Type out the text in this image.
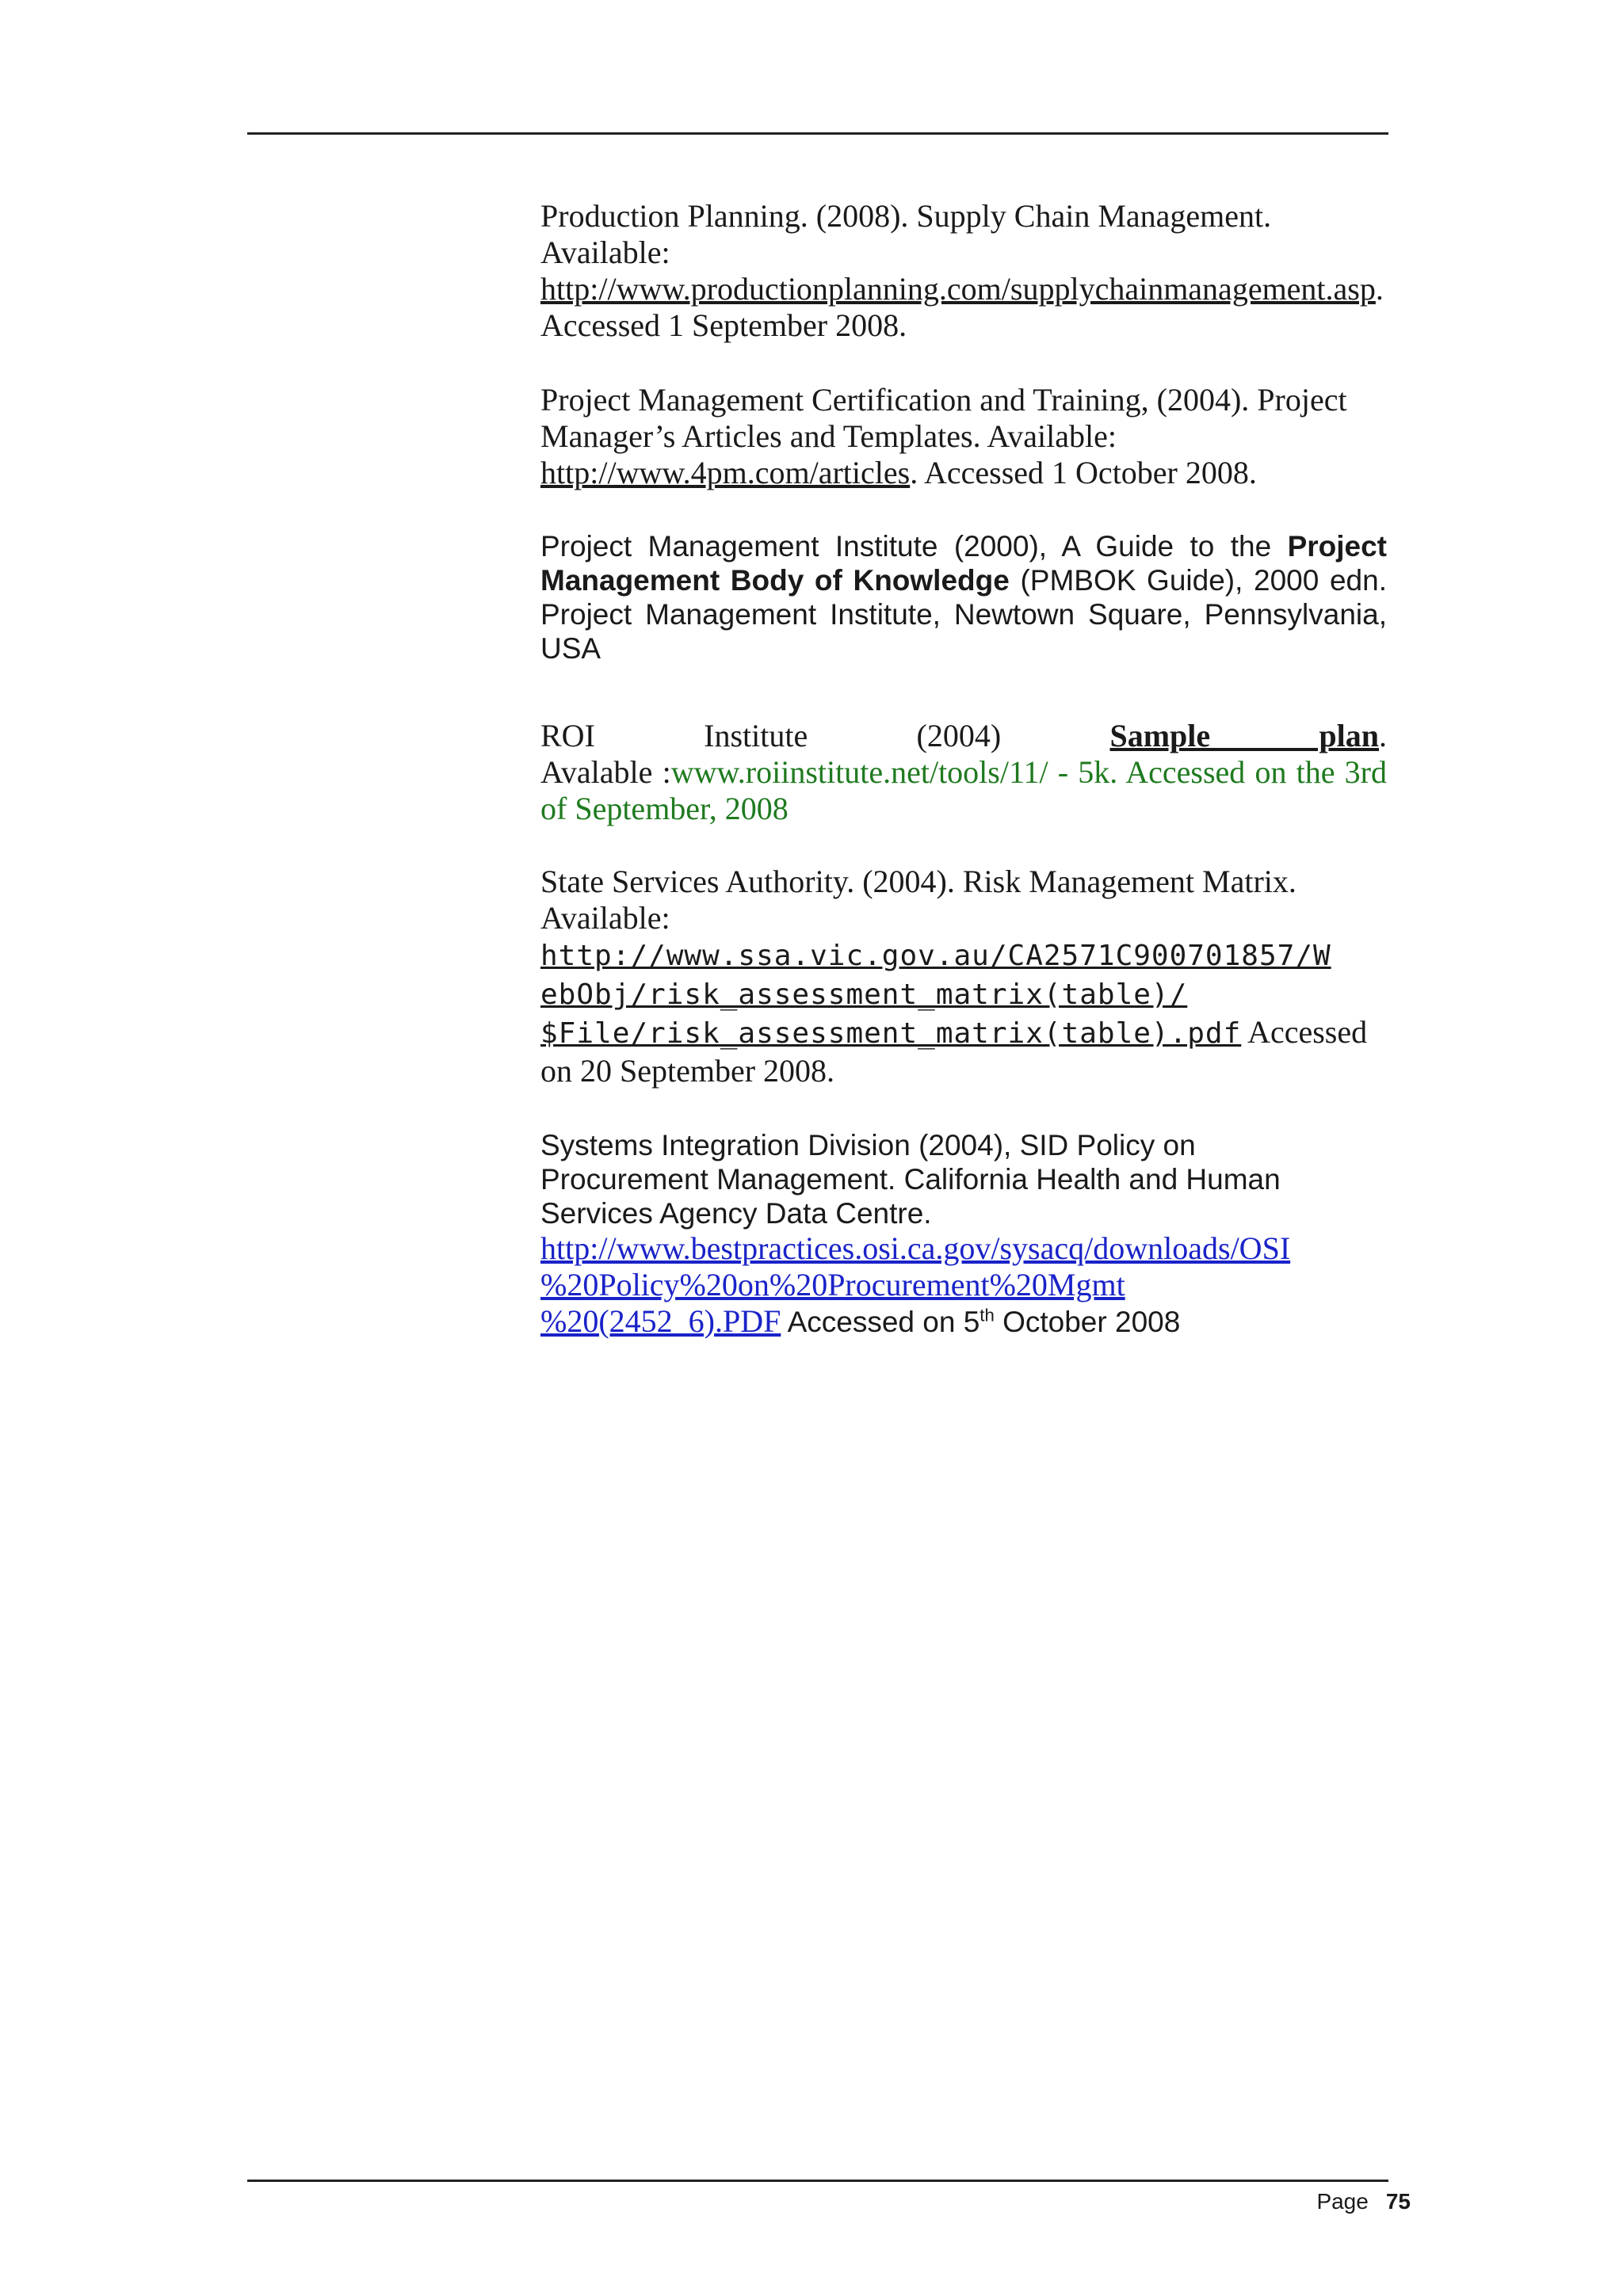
Production Planning. (2008). Supply Chain Management. Available:
http://www.productionplanning.com/supplychainmanagement.asp. Accessed 1 September 2008.
Project Management Certification and Training, (2004). Project Manager’s Articles and Templates. Available:
http://www.4pm.com/articles. Accessed 1 October 2008.
Project Management Institute (2000), A Guide to the Project Management Body of Knowledge (PMBOK Guide), 2000 edn. Project Management Institute, Newtown Square, Pennsylvania, USA
ROI	Institute	(2004)	Sample plan.
Avalable :www.roiinstitute.net/tools/11/ - 5k. Accessed on the 3rd of September, 2008
State Services Authority. (2004). Risk Management Matrix. Available:
http://www.ssa.vic.gov.au/CA2571C900701857/W
ebObj/risk_assessment_matrix(table)/
$File/risk_assessment_matrix(table).pdf Accessed on 20 September 2008.
Systems Integration Division (2004), SID Policy on Procurement Management. California Health and Human Services Agency Data Centre.
http://www.bestpractices.osi.ca.gov/sysacq/downloads/OSI
%20Policy%20on%20Procurement%20Mgmt
%20(2452_6).PDF Accessed on 5th October 2008
Page 75
